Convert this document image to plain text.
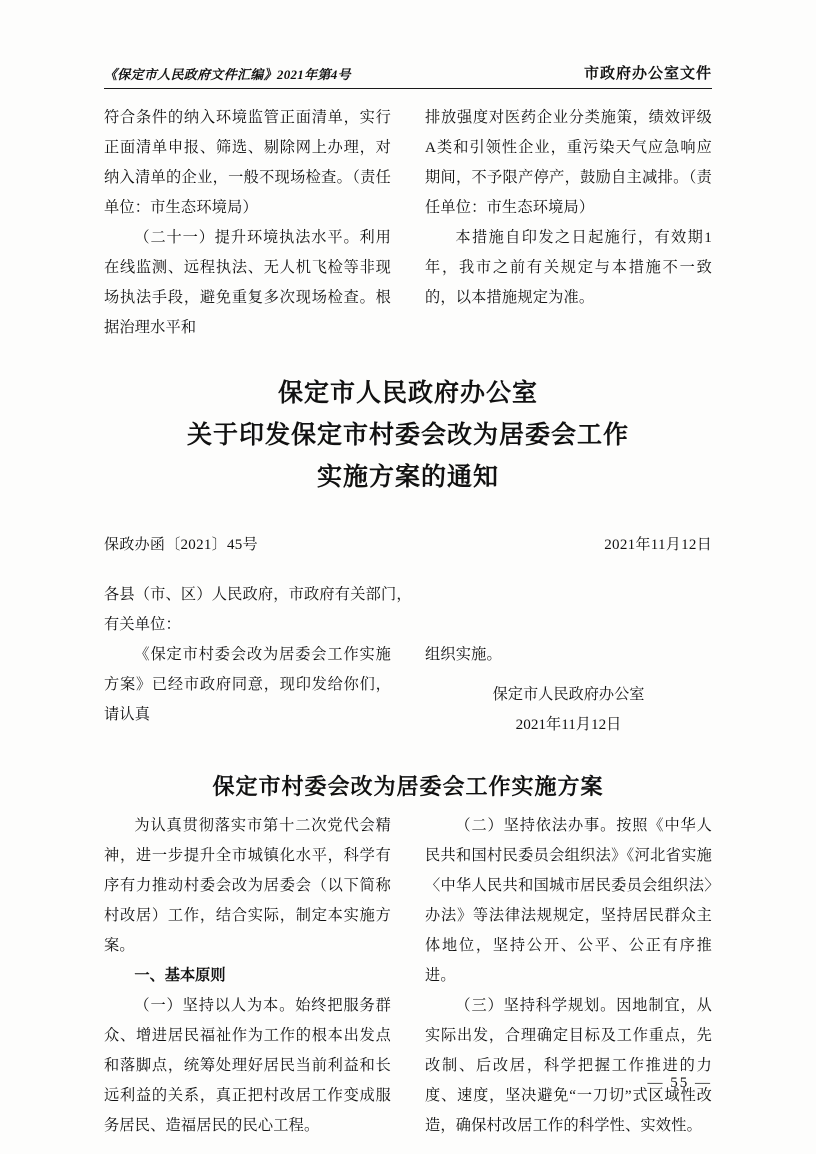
《保定市人民政府文件汇编》2021年第4号	市政府办公室文件

符合条件的纳入环境监管正面清单，实行正面清单申报、筛选、剔除网上办理，对纳入清单的企业，一般不现场检查。（责任单位：市生态环境局）

（二十一）提升环境执法水平。利用在线监测、远程执法、无人机飞检等非现场执法手段，避免重复多次现场检查。根据治理水平和

排放强度对医药企业分类施策，绩效评级A类和引领性企业，重污染天气应急响应期间，不予限产停产，鼓励自主减排。（责任单位：市生态环境局）

本措施自印发之日起施行，有效期1年，我市之前有关规定与本措施不一致的，以本措施规定为准。

保定市人民政府办公室
关于印发保定市村委会改为居委会工作
实施方案的通知
保政办函〔2021〕45号	2021年11月12日

各县（市、区）人民政府，市政府有关部门，

有关单位：

《保定市村委会改为居委会工作实施方案》已经市政府同意，现印发给你们，请认真

组织实施。

保定市人民政府办公室
2021年11月12日
保定市村委会改为居委会工作实施方案

为认真贯彻落实市第十二次党代会精神，进一步提升全市城镇化水平，科学有序有力推动村委会改为居委会（以下简称村改居）工作，结合实际，制定本实施方案。

一、基本原则

（一）坚持以人为本。始终把服务群众、增进居民福祉作为工作的根本出发点和落脚点，统筹处理好居民当前利益和长远利益的关系，真正把村改居工作变成服务居民、造福居民的民心工程。

（二）坚持依法办事。按照《中华人民共和国村民委员会组织法》《河北省实施〈中华人民共和国城市居民委员会组织法〉办法》等法律法规规定，坚持居民群众主体地位，坚持公开、公平、公正有序推进。

（三）坚持科学规划。因地制宜，从实际出发，合理确定目标及工作重点，先改制、后改居，科学把握工作推进的力度、速度，坚决避免“一刀切”式区域性改造，确保村改居工作的科学性、实效性。

— 55 —
